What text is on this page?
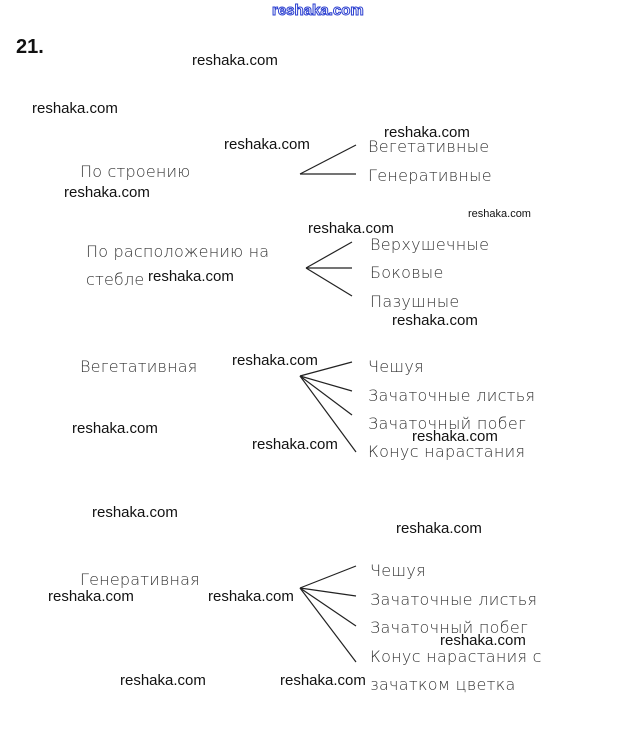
reshaka.com
21.
По строению
Вегетативные
Генеративные
По расположению на
стебле
Верхушечные
Боковые
Пазушные
Вегетативная	Чешуя
Зачаточные листья
Зачаточный побег
Конус нарастания
Генеративная	Чешуя
Зачаточные листья
Зачаточный побег
Конус нарастания с
зачатком цветка
reshaka.com
reshaka.com
reshaka.com
reshaka.com
reshaka.com
reshaka.com
reshaka.com
reshaka.com
reshaka.com
reshaka.com
reshaka.com	reshaka.com
reshaka.com
reshaka.com
reshaka.com
reshaka.com	reshaka.com
reshaka.com
reshaka.com	reshaka.com
